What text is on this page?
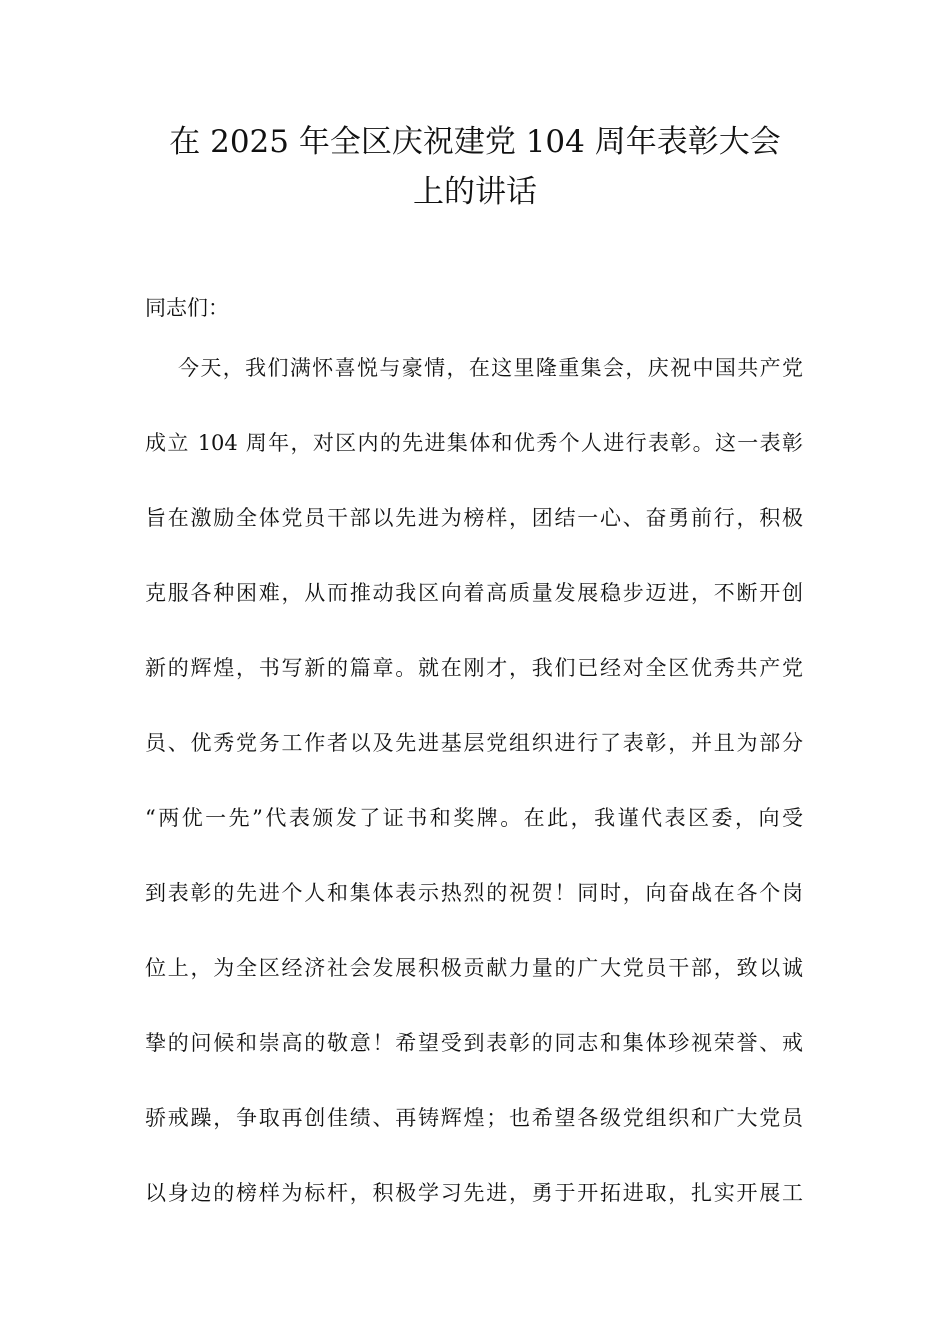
在 2025 年全区庆祝建党 104 周年表彰大会
上的讲话
同志们：
今天，我们满怀喜悦与豪情，在这里隆重集会，庆祝中国共产党
成立 104 周年，对区内的先进集体和优秀个人进行表彰。这一表彰
旨在激励全体党员干部以先进为榜样，团结一心、奋勇前行，积极
克服各种困难，从而推动我区向着高质量发展稳步迈进，不断开创
新的辉煌，书写新的篇章。就在刚才，我们已经对全区优秀共产党
员、优秀党务工作者以及先进基层党组织进行了表彰，并且为部分
“两优一先”代表颁发了证书和奖牌。在此，我谨代表区委，向受
到表彰的先进个人和集体表示热烈的祝贺！同时，向奋战在各个岗
位上，为全区经济社会发展积极贡献力量的广大党员干部，致以诚
挚的问候和崇高的敬意！希望受到表彰的同志和集体珍视荣誉、戒
骄戒躁，争取再创佳绩、再铸辉煌；也希望各级党组织和广大党员
以身边的榜样为标杆，积极学习先进，勇于开拓进取，扎实开展工
